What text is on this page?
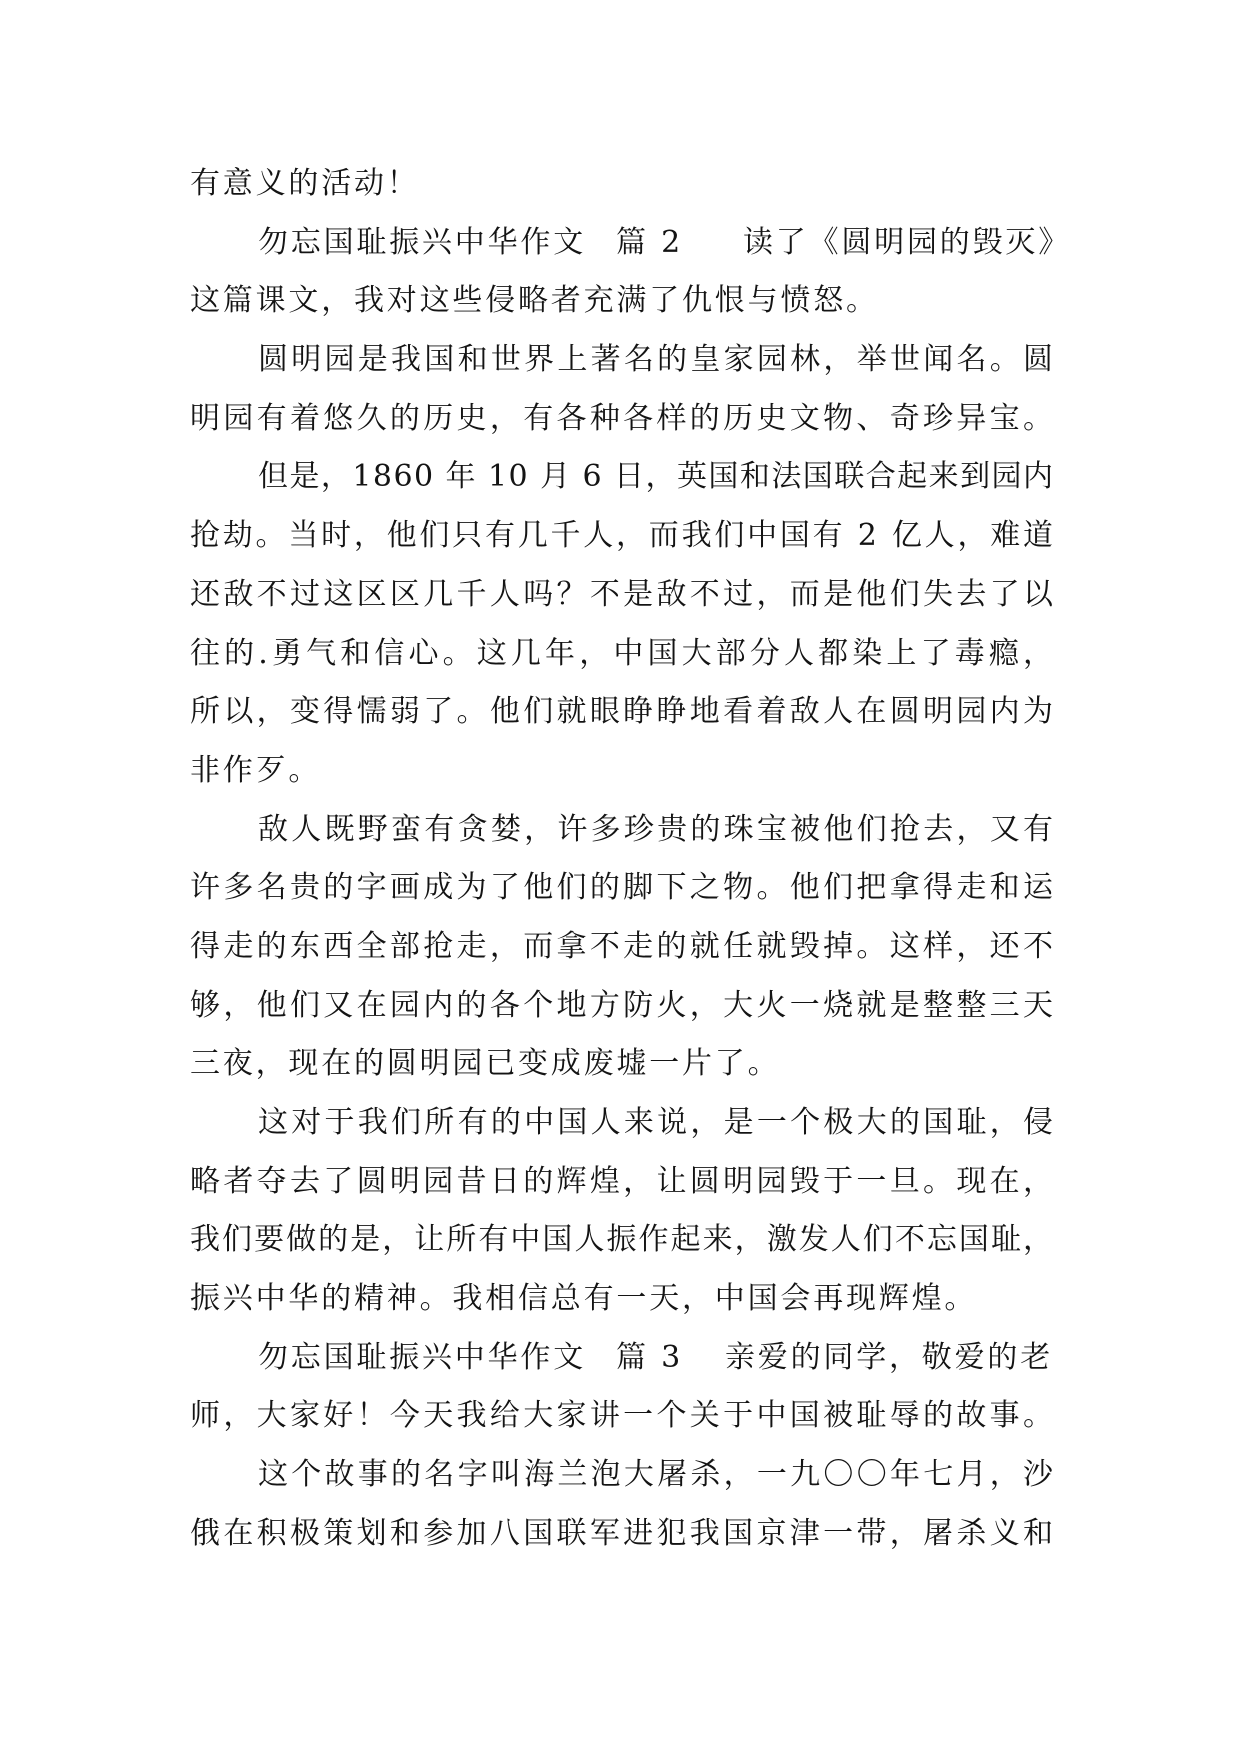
有意义的活动！
勿忘国耻振兴中华作文 篇 2 读了《圆明园的毁灭》
这篇课文，我对这些侵略者充满了仇恨与愤怒。
圆明园是我国和世界上著名的皇家园林，举世闻名。圆
明园有着悠久的历史，有各种各样的历史文物、奇珍异宝。
但是，1860 年 10 月 6 日，英国和法国联合起来到园内
抢劫。当时，他们只有几千人，而我们中国有 2 亿人，难道
还敌不过这区区几千人吗？不是敌不过，而是他们失去了以
往的.勇气和信心。这几年，中国大部分人都染上了毒瘾，
所以，变得懦弱了。他们就眼睁睁地看着敌人在圆明园内为
非作歹。
敌人既野蛮有贪婪，许多珍贵的珠宝被他们抢去，又有
许多名贵的字画成为了他们的脚下之物。他们把拿得走和运
得走的东西全部抢走，而拿不走的就任就毁掉。这样，还不
够，他们又在园内的各个地方防火，大火一烧就是整整三天
三夜，现在的圆明园已变成废墟一片了。
这对于我们所有的中国人来说，是一个极大的国耻，侵
略者夺去了圆明园昔日的辉煌，让圆明园毁于一旦。现在，
我们要做的是，让所有中国人振作起来，激发人们不忘国耻，
振兴中华的精神。我相信总有一天，中国会再现辉煌。
勿忘国耻振兴中华作文 篇 3 亲爱的同学，敬爱的老
师，大家好！今天我给大家讲一个关于中国被耻辱的故事。
这个故事的名字叫海兰泡大屠杀，一九〇〇年七月，沙
俄在积极策划和参加八国联军进犯我国京津一带，屠杀义和
